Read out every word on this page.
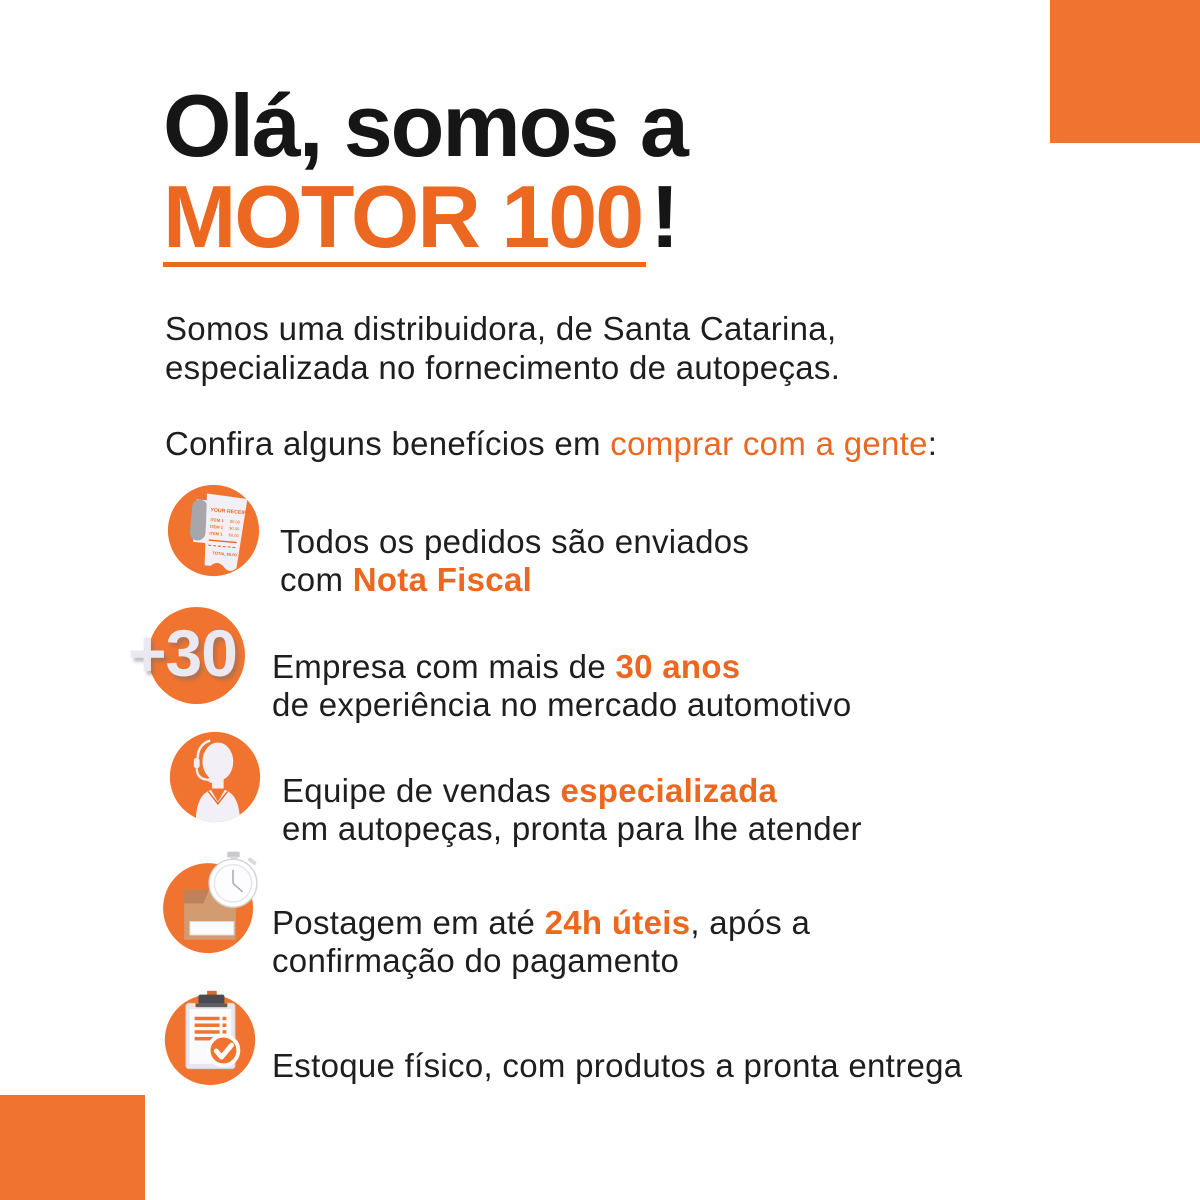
Olá, somos a
MOTOR 100!

Somos uma distribuidora, de Santa Catarina,
especializada no fornecimento de autopeças.

Confira alguns benefícios em comprar com a gente:

YOUR RECEIPT
ITEM 1 $0.00
ITEM 1 $0.00
ITEM 1 $0.00
TOTAL $0.00 Todos os pedidos são enviados
com Nota Fiscal

+30 Empresa com mais de 30 anos
de experiência no mercado automotivo

Equipe de vendas especializada
em autopeças, pronta para lhe atender

Postagem em até 24h úteis, após a
confirmação do pagamento

Estoque físico, com produtos a pronta entrega
